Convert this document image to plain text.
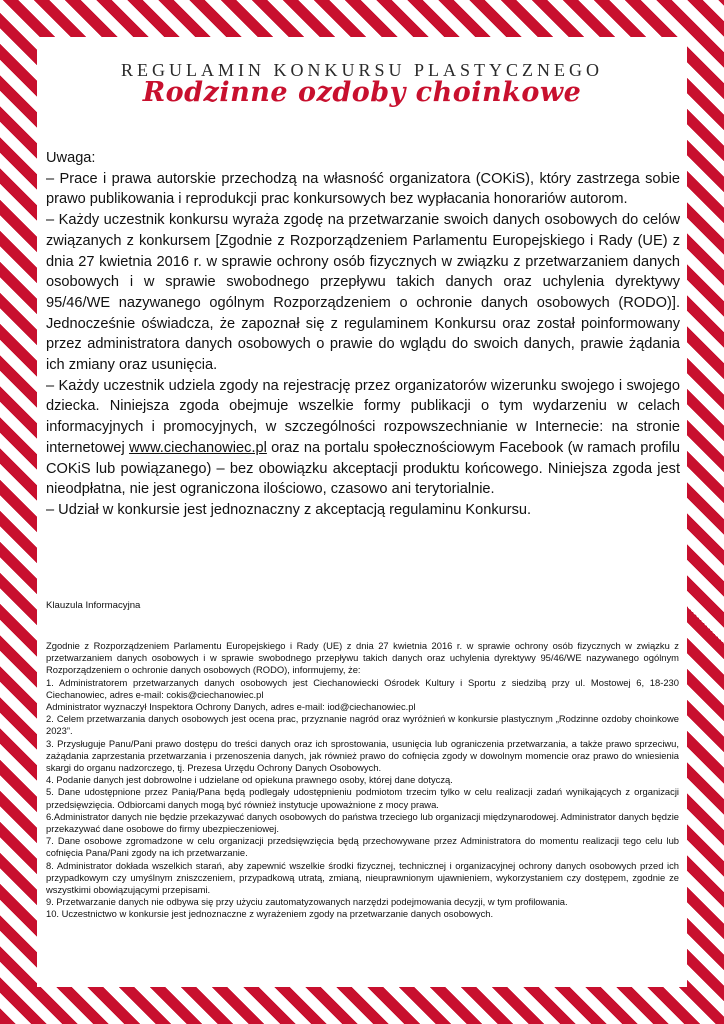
REGULAMIN KONKURSU PLASTYCZNEGO
Rodzinne ozdoby choinkowe

Uwaga:

– Prace i prawa autorskie przechodzą na własność organizatora (COKiS), który zastrzega sobie prawo publikowania i reprodukcji prac konkursowych bez wypłacania honorariów autorom.

– Każdy uczestnik konkursu wyraża zgodę na przetwarzanie swoich danych osobowych do celów związanych z konkursem [Zgodnie z Rozporządzeniem Parlamentu Europejskiego i Rady (UE) z dnia 27 kwietnia 2016 r. w sprawie ochrony osób fizycznych w związku z przetwarzaniem danych osobowych i w sprawie swobodnego przepływu takich danych oraz uchylenia dyrektywy 95/46/WE nazywanego ogólnym Rozporządzeniem o ochronie danych osobowych (RODO)]. Jednocześnie oświadcza, że zapoznał się z regulaminem Konkursu oraz został poinformowany przez administratora danych osobowych o prawie do wglądu do swoich danych, prawie żądania ich zmiany oraz usunięcia.

– Każdy uczestnik udziela zgody na rejestrację przez organizatorów wizerunku swojego i swojego dziecka. Niniejsza zgoda obejmuje wszelkie formy publikacji o tym wydarzeniu w celach informacyjnych i promocyjnych, w szczególności rozpowszechnianie w Internecie: na stronie internetowej www.ciechanowiec.pl oraz na portalu społecznościowym Facebook (w ramach profilu COKiS lub powiązanego) – bez obowiązku akceptacji produktu końcowego. Niniejsza zgoda jest nieodpłatna, nie jest ograniczona ilościowo, czasowo ani terytorialnie.

– Udział w konkursie jest jednoznaczny z akceptacją regulaminu Konkursu.

Klauzula Informacyjna

Zgodnie z Rozporządzeniem Parlamentu Europejskiego i Rady (UE) z dnia 27 kwietnia 2016 r. w sprawie ochrony osób fizycznych w związku z przetwarzaniem danych osobowych i w sprawie swobodnego przepływu takich danych oraz uchylenia dyrektywy 95/46/WE nazywanego ogólnym Rozporządzeniem o ochronie danych osobowych (RODO), informujemy, że:

1. Administratorem przetwarzanych danych osobowych jest Ciechanowiecki Ośrodek Kultury i Sportu z siedzibą przy ul. Mostowej 6, 18-230 Ciechanowiec, adres e-mail: cokis@ciechanowiec.pl

Administrator wyznaczył Inspektora Ochrony Danych, adres e-mail: iod@ciechanowiec.pl

2. Celem przetwarzania danych osobowych jest ocena prac, przyznanie nagród oraz wyróżnień w konkursie plastycznym „Rodzinne ozdoby choinkowe 2023”.

3. Przysługuje Panu/Pani prawo dostępu do treści danych oraz ich sprostowania, usunięcia lub ograniczenia przetwarzania, a także prawo sprzeciwu, zażądania zaprzestania przetwarzania i przenoszenia danych, jak również prawo do cofnięcia zgody w dowolnym momencie oraz prawo do wniesienia skargi do organu nadzorczego, tj. Prezesa Urzędu Ochrony Danych Osobowych.

4. Podanie danych jest dobrowolne i udzielane od opiekuna prawnego osoby, której dane dotyczą.

5. Dane udostępnione przez Panią/Pana będą podlegały udostępnieniu podmiotom trzecim tylko w celu realizacji zadań wynikających z organizacji przedsięwzięcia. Odbiorcami danych mogą być również instytucje upoważnione z mocy prawa.

6.Administrator danych nie będzie przekazywać danych osobowych do państwa trzeciego lub organizacji międzynarodowej. Administrator danych będzie przekazywać dane osobowe do firmy ubezpieczeniowej.

7. Dane osobowe zgromadzone w celu organizacji przedsięwzięcia będą przechowywane przez Administratora do momentu realizacji tego celu lub cofnięcia Pana/Pani zgody na ich przetwarzanie.

8. Administrator dokłada wszelkich starań, aby zapewnić wszelkie środki fizycznej, technicznej i organizacyjnej ochrony danych osobowych przed ich przypadkowym czy umyślnym zniszczeniem, przypadkową utratą, zmianą, nieuprawnionym ujawnieniem, wykorzystaniem czy dostępem, zgodnie ze wszystkimi obowiązującymi przepisami.

9. Przetwarzanie danych nie odbywa się przy użyciu zautomatyzowanych narzędzi podejmowania decyzji, w tym profilowania.

10. Uczestnictwo w konkursie jest jednoznaczne z wyrażeniem zgody na przetwarzanie danych osobowych.
